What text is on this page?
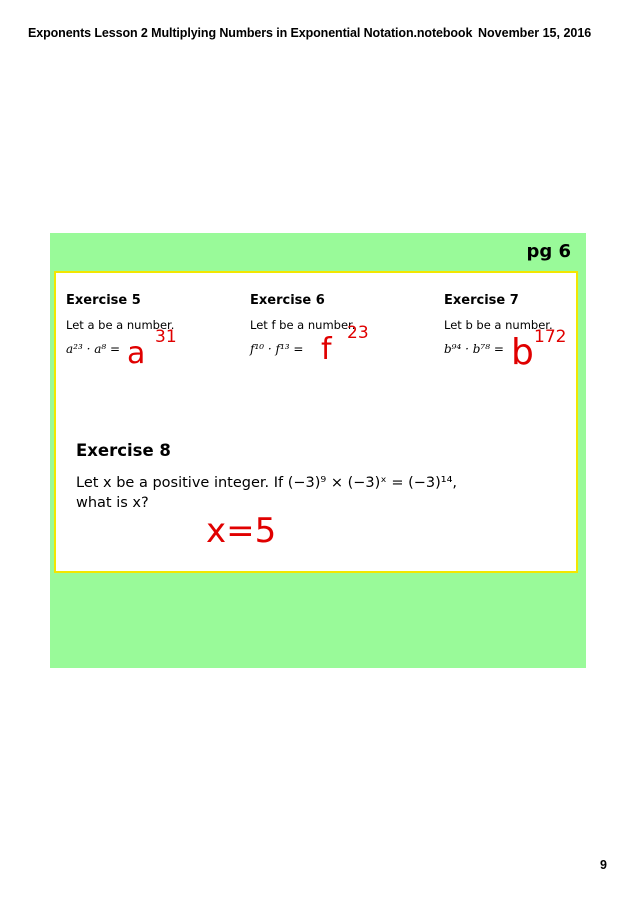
Exponents Lesson 2 Multiplying Numbers in Exponential Notation.notebook November 15, 2016
pg 6
Exercise 5
Let a be a number.
a²³ · a⁸ = a 31
Exercise 6
Let f be a number.
f¹⁰ · f¹³ = f 23
Exercise 7
Let b be a number.
b⁹⁴ · b⁷⁸ = b 172
Exercise 8
Let x be a positive integer. If (−3)⁹ × (−3)ˣ = (−3)¹⁴,
what is x?
x=5
9
